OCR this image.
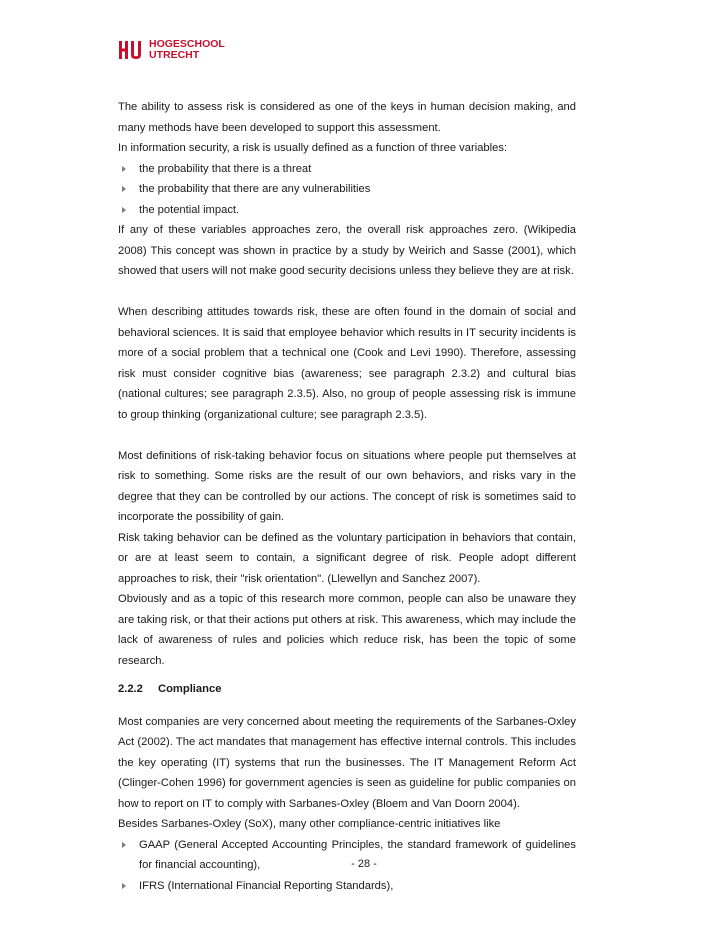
HOGESCHOOL
UTRECHT

The ability to assess risk is considered as one of the keys in human decision making, and many methods have been developed to support this assessment.

In information security, a risk is usually defined as a function of three variables:

the probability that there is a threat

the probability that there are any vulnerabilities

the potential impact.

If any of these variables approaches zero, the overall risk approaches zero. (Wikipedia 2008) This concept was shown in practice by a study by Weirich and Sasse (2001), which showed that users will not make good security decisions unless they believe they are at risk.

When describing attitudes towards risk, these are often found in the domain of social and behavioral sciences. It is said that employee behavior which results in IT security incidents is more of a social problem that a technical one (Cook and Levi 1990). Therefore, assessing risk must consider cognitive bias (awareness; see paragraph 2.3.2) and cultural bias (national cultures; see paragraph 2.3.5). Also, no group of people assessing risk is immune to group thinking (organizational culture; see paragraph 2.3.5).

Most definitions of risk-taking behavior focus on situations where people put themselves at risk to something. Some risks are the result of our own behaviors, and risks vary in the degree that they can be controlled by our actions. The concept of risk is sometimes said to incorporate the possibility of gain.

Risk taking behavior can be defined as the voluntary participation in behaviors that contain, or are at least seem to contain, a significant degree of risk. People adopt different approaches to risk, their "risk orientation". (Llewellyn and Sanchez 2007).

Obviously and as a topic of this research more common, people can also be unaware they are taking risk, or that their actions put others at risk. This awareness, which may include the lack of awareness of rules and policies which reduce risk, has been the topic of some research.

2.2.2 Compliance

Most companies are very concerned about meeting the requirements of the Sarbanes-Oxley Act (2002). The act mandates that management has effective internal controls. This includes the key operating (IT) systems that run the businesses. The IT Management Reform Act (Clinger-Cohen 1996) for government agencies is seen as guideline for public companies on how to report on IT to comply with Sarbanes-Oxley (Bloem and Van Doorn 2004).

Besides Sarbanes-Oxley (SoX), many other compliance-centric initiatives like

GAAP (General Accepted Accounting Principles, the standard framework of guidelines for financial accounting),

IFRS (International Financial Reporting Standards),

- 28 -
